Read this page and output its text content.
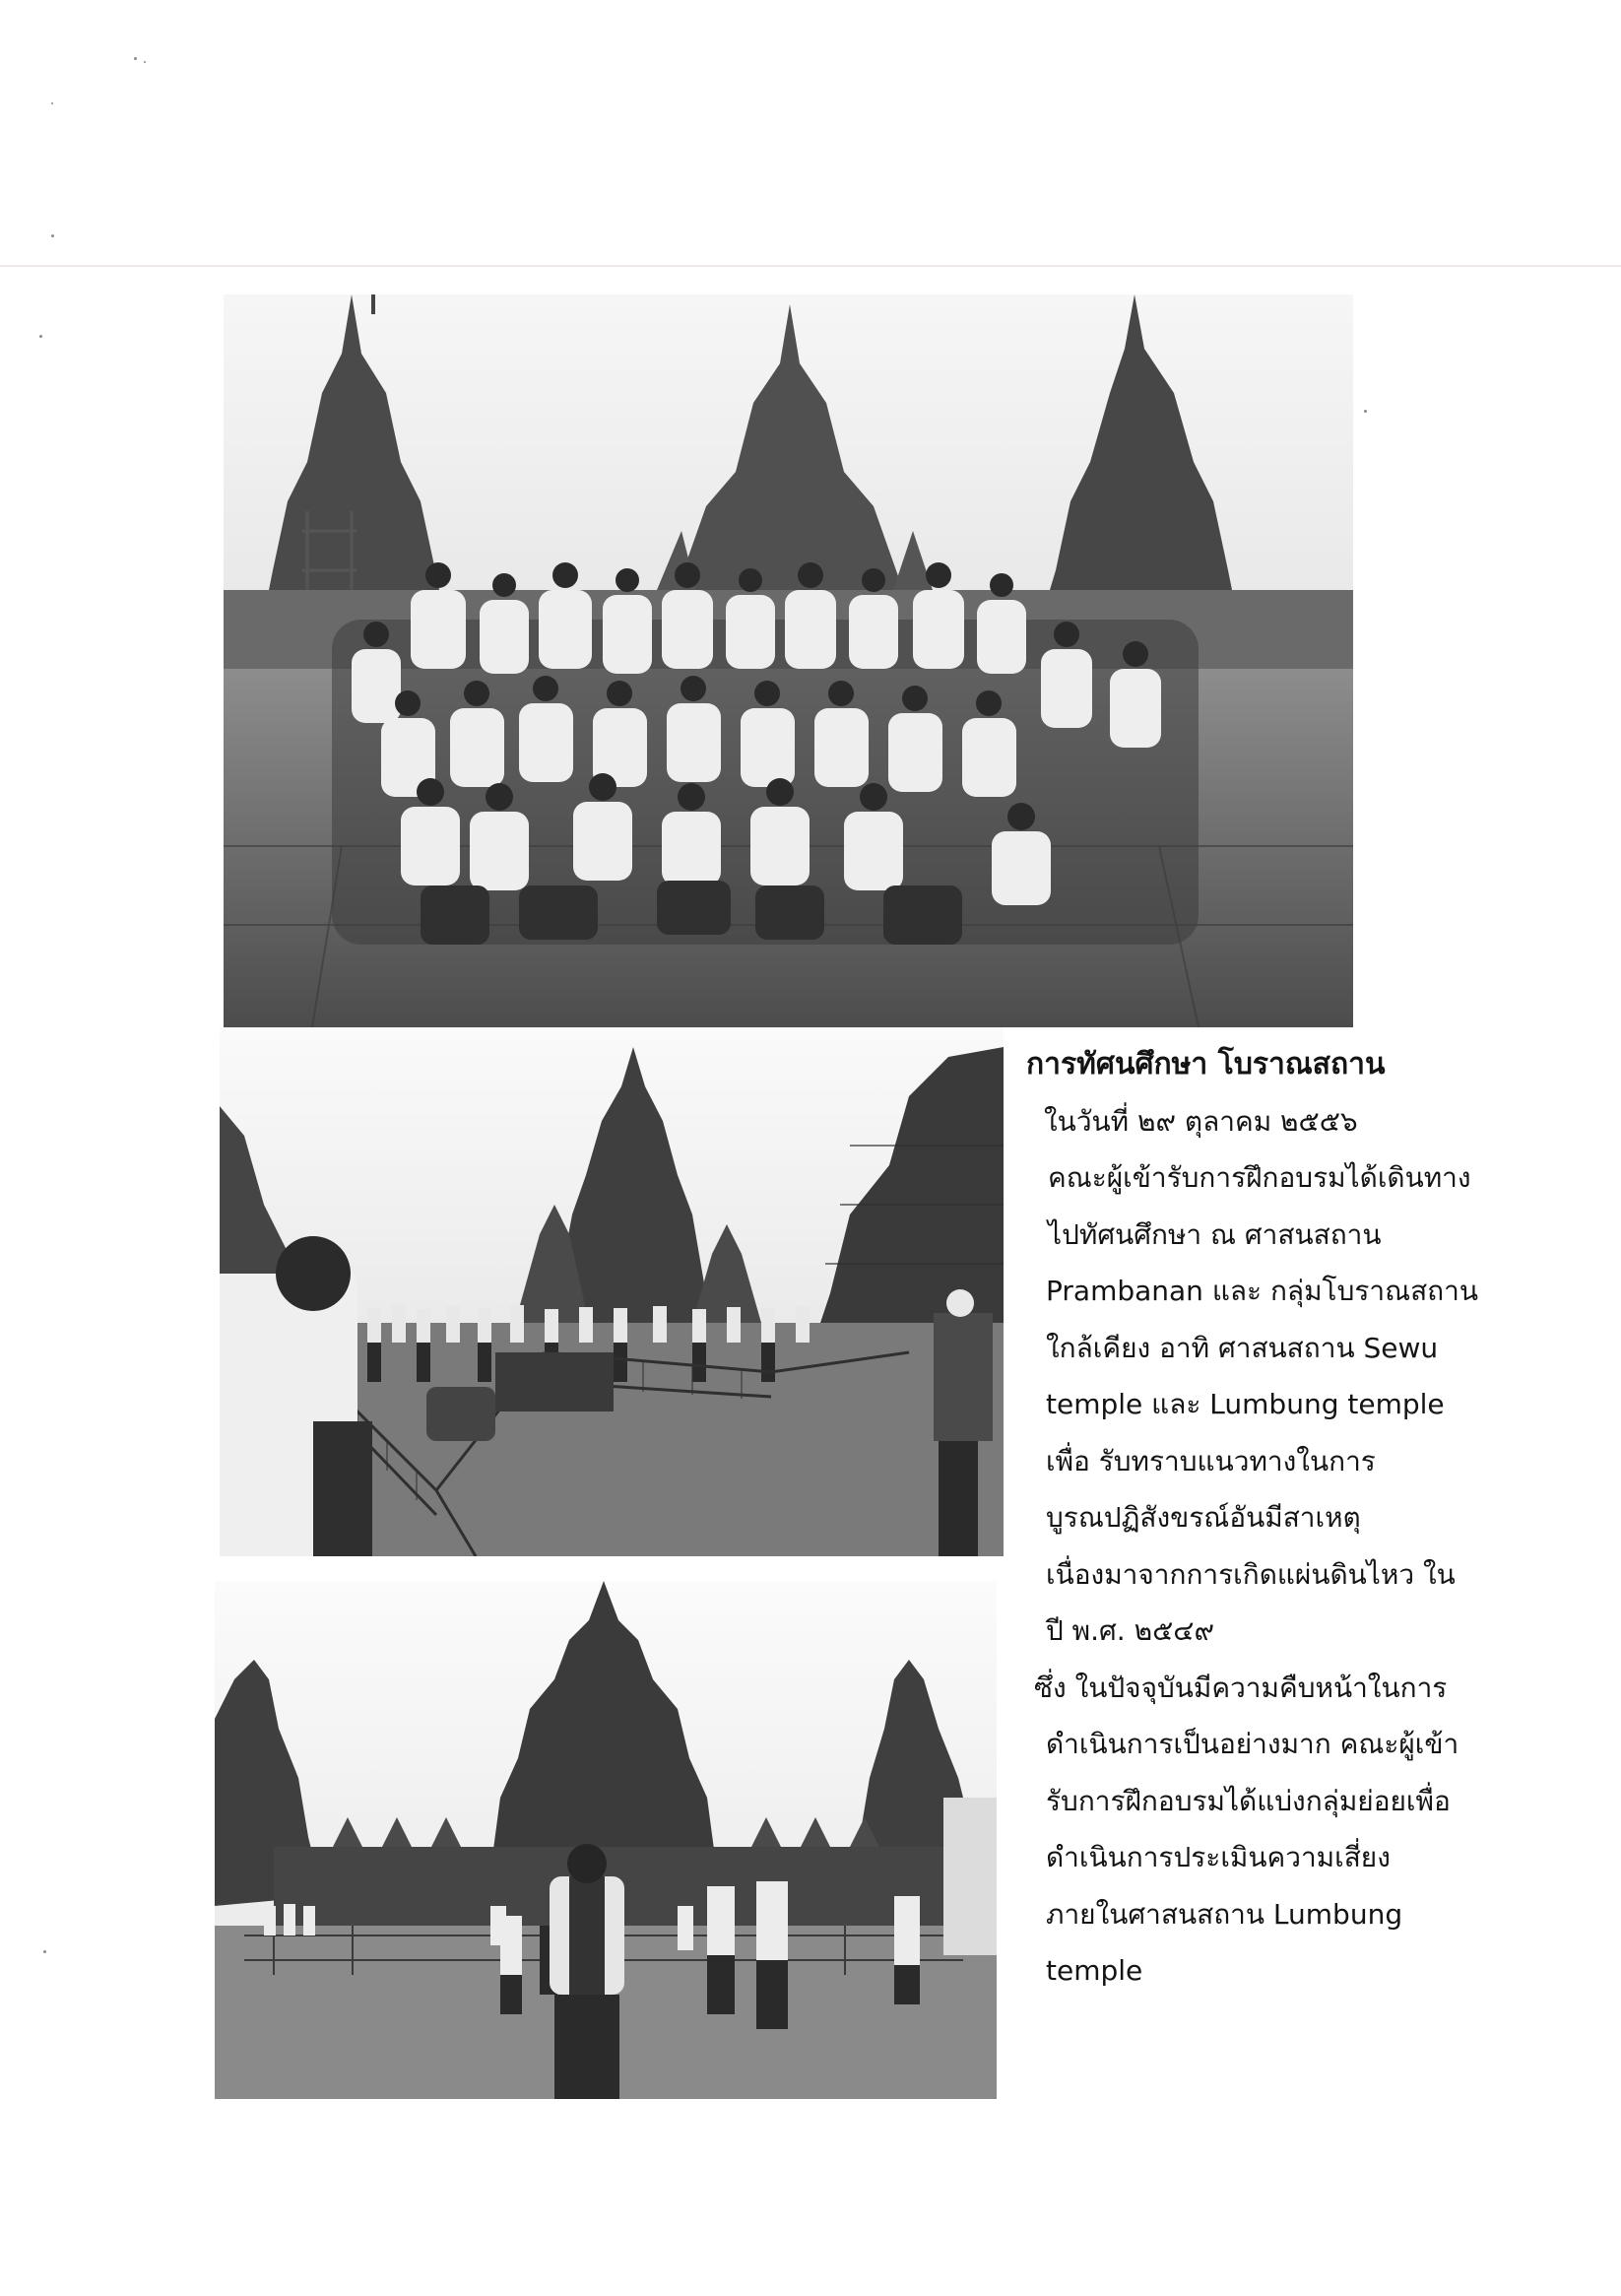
การทัศนศึกษา โบราณสถาน

ในวันที่ ๒๙ ตุลาคม ๒๕๕๖

คณะผู้เข้ารับการฝึกอบรมได้เดินทาง

ไปทัศนศึกษา ณ ศาสนสถาน

Prambanan และ กลุ่มโบราณสถาน

ใกล้เคียง อาทิ ศาสนสถาน Sewu

temple และ Lumbung temple

เพื่อ รับทราบแนวทางในการ

บูรณปฏิสังขรณ์อันมีสาเหตุ

เนื่องมาจากการเกิดแผ่นดินไหว ใน

ปี พ.ศ. ๒๕๔๙

ซึ่ง ในปัจจุบันมีความคืบหน้าในการ

ดำเนินการเป็นอย่างมาก คณะผู้เข้า

รับการฝึกอบรมได้แบ่งกลุ่มย่อยเพื่อ

ดำเนินการประเมินความเสี่ยง

ภายในศาสนสถาน Lumbung

temple
